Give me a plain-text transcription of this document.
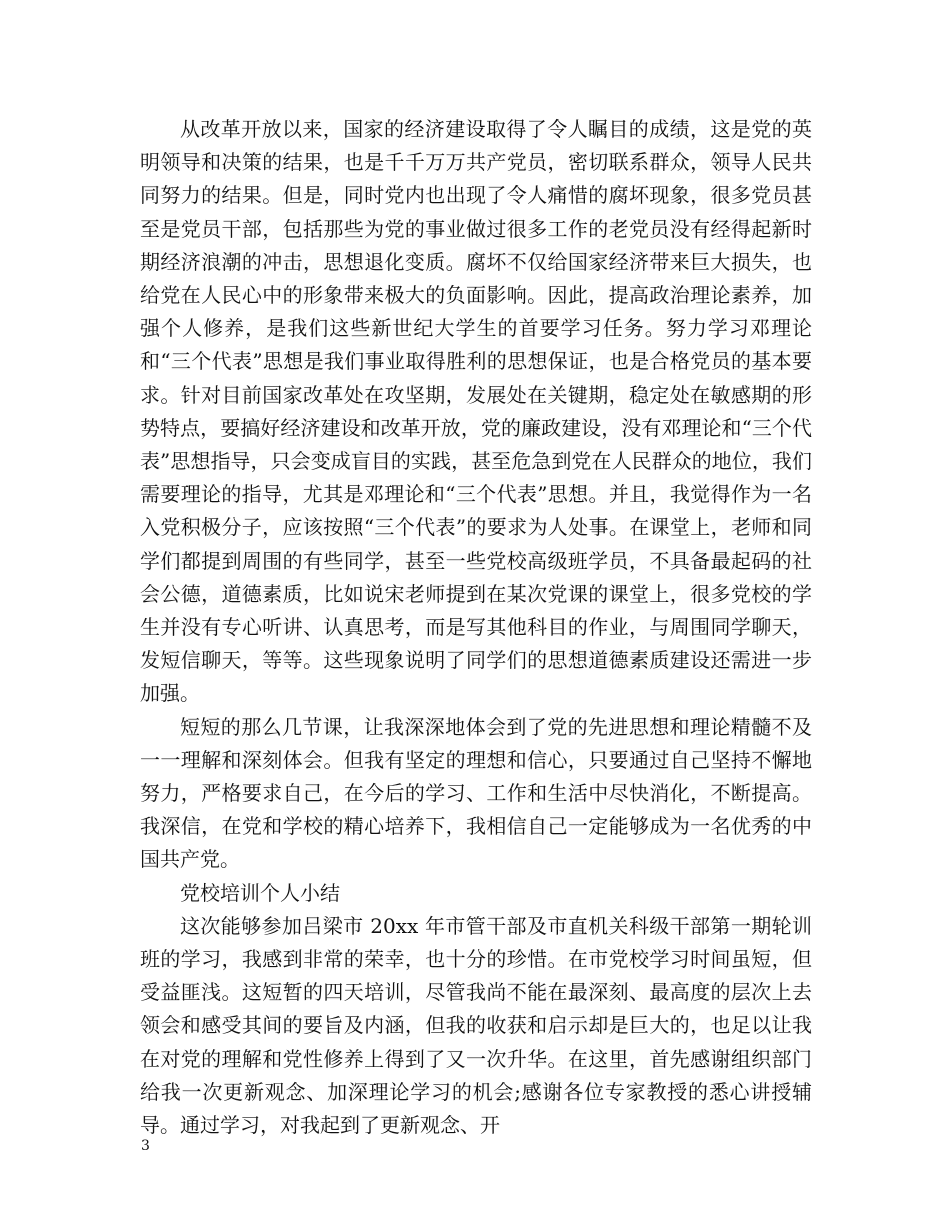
从改革开放以来，国家的经济建设取得了令人瞩目的成绩，这是党的英明领导和决策的结果，也是千千万万共产党员，密切联系群众，领导人民共同努力的结果。但是，同时党内也出现了令人痛惜的腐坏现象，很多党员甚至是党员干部，包括那些为党的事业做过很多工作的老党员没有经得起新时期经济浪潮的冲击，思想退化变质。腐坏不仅给国家经济带来巨大损失，也给党在人民心中的形象带来极大的负面影响。因此，提高政治理论素养，加强个人修养，是我们这些新世纪大学生的首要学习任务。努力学习邓理论和“三个代表”思想是我们事业取得胜利的思想保证，也是合格党员的基本要求。针对目前国家改革处在攻坚期，发展处在关键期，稳定处在敏感期的形势特点，要搞好经济建设和改革开放，党的廉政建设，没有邓理论和“三个代表”思想指导，只会变成盲目的实践，甚至危急到党在人民群众的地位，我们需要理论的指导，尤其是邓理论和“三个代表”思想。并且，我觉得作为一名入党积极分子，应该按照“三个代表”的要求为人处事。在课堂上，老师和同学们都提到周围的有些同学，甚至一些党校高级班学员，不具备最起码的社会公德，道德素质，比如说宋老师提到在某次党课的课堂上，很多党校的学生并没有专心听讲、认真思考，而是写其他科目的作业，与周围同学聊天，发短信聊天，等等。这些现象说明了同学们的思想道德素质建设还需进一步加强。

短短的那么几节课，让我深深地体会到了党的先进思想和理论精髓不及一一理解和深刻体会。但我有坚定的理想和信心，只要通过自己坚持不懈地努力，严格要求自己，在今后的学习、工作和生活中尽快消化，不断提高。我深信，在党和学校的精心培养下，我相信自己一定能够成为一名优秀的中国共产党。

党校培训个人小结

这次能够参加吕梁市 20xx 年市管干部及市直机关科级干部第一期轮训班的学习，我感到非常的荣幸，也十分的珍惜。在市党校学习时间虽短，但受益匪浅。这短暂的四天培训，尽管我尚不能在最深刻、最高度的层次上去领会和感受其间的要旨及内涵，但我的收获和启示却是巨大的，也足以让我在对党的理解和党性修养上得到了又一次升华。在这里，首先感谢组织部门给我一次更新观念、加深理论学习的机会;感谢各位专家教授的悉心讲授辅导。通过学习，对我起到了更新观念、开

3
